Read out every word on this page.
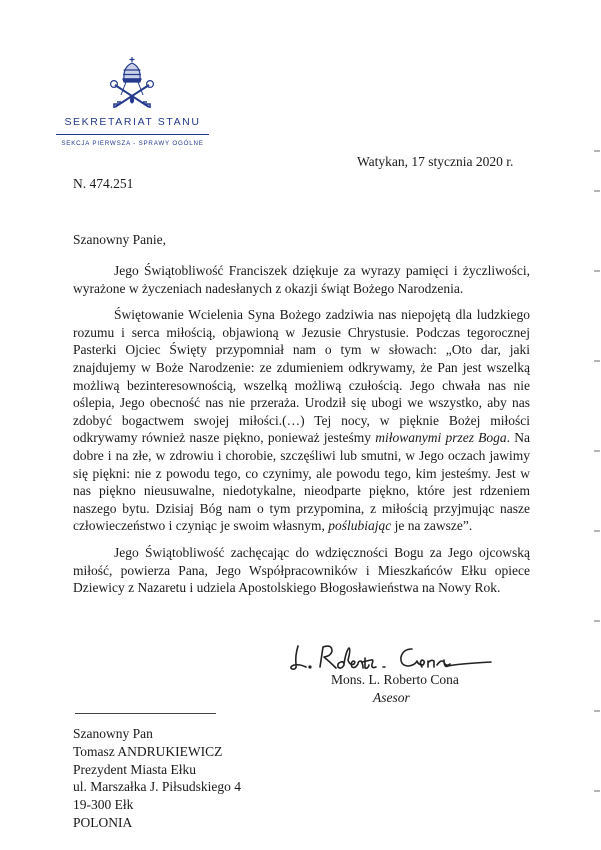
SEKRETARIAT STANU
SEKCJA PIERWSZA - SPRAWY OGÓLNE
Watykan, 17 stycznia 2020 r.
N. 474.251
Szanowny Panie,

Jego Świątobliwość Franciszek dziękuje za wyrazy pamięci i życzliwości, wyrażone w życzeniach nadesłanych z okazji świąt Bożego Narodzenia.

Świętowanie Wcielenia Syna Bożego zadziwia nas niepojętą dla ludzkiego rozumu i serca miłością, objawioną w Jezusie Chrystusie. Podczas tegorocznej Pasterki Ojciec Święty przypomniał nam o tym w słowach: „Oto dar, jaki znajdujemy w Boże Narodzenie: ze zdumieniem odkrywamy, że Pan jest wszelką możliwą bezinteresownością, wszelką możliwą czułością. Jego chwała nas nie oślepia, Jego obecność nas nie przeraża. Urodził się ubogi we wszystko, aby nas zdobyć bogactwem swojej miłości.(…) Tej nocy, w pięknie Bożej miłości odkrywamy również nasze piękno, ponieważ jesteśmy miłowanymi przez Boga. Na dobre i na złe, w zdrowiu i chorobie, szczęśliwi lub smutni, w Jego oczach jawimy się piękni: nie z powodu tego, co czynimy, ale powodu tego, kim jesteśmy. Jest w nas piękno nieusuwalne, niedotykalne, nieodparte piękno, które jest rdzeniem naszego bytu. Dzisiaj Bóg nam o tym przypomina, z miłością przyjmując nasze człowieczeństwo i czyniąc je swoim własnym, poślubiając je na zawsze”.

Jego Świątobliwość zachęcając do wdzięczności Bogu za Jego ojcowską miłość, powierza Pana, Jego Współpracowników i Mieszkańców Ełku opiece Dziewicy z Nazaretu i udziela Apostolskiego Błogosławieństwa na Nowy Rok.

Mons. L. Roberto Cona
Asesor
Szanowny Pan
Tomasz ANDRUKIEWICZ
Prezydent Miasta Ełku
ul. Marszałka J. Piłsudskiego 4
19-300 Ełk
POLONIA
